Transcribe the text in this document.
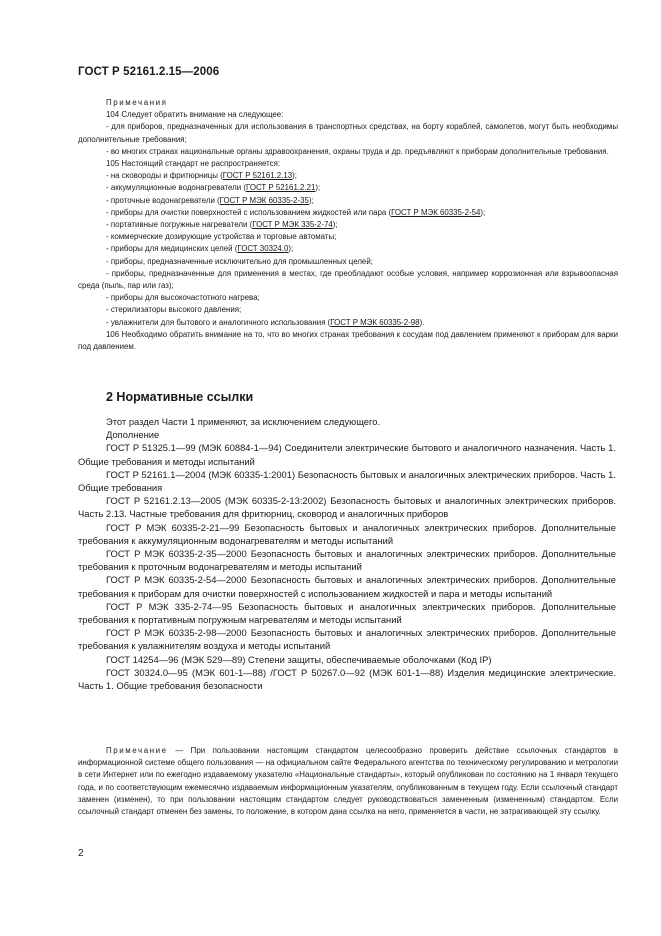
ГОСТ Р 52161.2.15—2006

Примечания

104 Следует обратить внимание на следующее:

- для приборов, предназначенных для использования в транспортных средствах, на борту кораблей, самолетов, могут быть необходимы дополнительные требования;

- во многих странах национальные органы здравоохранения, охраны труда и др. предъявляют к приборам дополнительные требования.

105 Настоящий стандарт не распространяется:

- на сковороды и фритюрницы (ГОСТ Р 52161.2.13);

- аккумуляционные водонагреватели (ГОСТ Р 52161.2.21);

- проточные водонагреватели (ГОСТ Р МЭК 60335-2-35);

- приборы для очистки поверхностей с использованием жидкостей или пара (ГОСТ Р МЭК 60335-2-54);

- портативные погружные нагреватели (ГОСТ Р МЭК 335-2-74);

- коммерческие дозирующие устройства и торговые автоматы;

- приборы для медицинских целей (ГОСТ 30324.0);

- приборы, предназначенные исключительно для промышленных целей;

- приборы, предназначенные для применения в местах, где преобладают особые условия, например коррозионная или взрывоопасная среда (пыль, пар или газ);

- приборы для высокочастотного нагрева;

- стерилизаторы высокого давления;

- увлажнители для бытового и аналогичного использования (ГОСТ Р МЭК 60335-2-98).

106 Необходимо обратить внимание на то, что во многих странах требования к сосудам под давлением применяют к приборам для варки под давлением.

2 Нормативные ссылки

Этот раздел Части 1 применяют, за исключением следующего.

Дополнение

ГОСТ Р 51325.1—99 (МЭК 60884-1—94) Соединители электрические бытового и аналогичного назначения. Часть 1. Общие требования и методы испытаний

ГОСТ Р 52161.1—2004 (МЭК 60335-1:2001) Безопасность бытовых и аналогичных электрических приборов. Часть 1. Общие требования

ГОСТ Р 52161.2.13—2005 (МЭК 60335-2-13:2002) Безопасность бытовых и аналогичных электрических приборов. Часть 2.13. Частные требования для фритюрниц, сковород и аналогичных приборов

ГОСТ Р МЭК 60335-2-21—99 Безопасность бытовых и аналогичных электрических приборов. Дополнительные требования к аккумуляционным водонагревателям и методы испытаний

ГОСТ Р МЭК 60335-2-35—2000 Безопасность бытовых и аналогичных электрических приборов. Дополнительные требования к проточным водонагревателям и методы испытаний

ГОСТ Р МЭК 60335-2-54—2000 Безопасность бытовых и аналогичных электрических приборов. Дополнительные требования к приборам для очистки поверхностей с использованием жидкостей и пара и методы испытаний

ГОСТ Р МЭК 335-2-74—95 Безопасность бытовых и аналогичных электрических приборов. Дополнительные требования к портативным погружным нагревателям и методы испытаний

ГОСТ Р МЭК 60335-2-98—2000 Безопасность бытовых и аналогичных электрических приборов. Дополнительные требования к увлажнителям воздуха и методы испытаний

ГОСТ 14254—96 (МЭК 529—89) Степени защиты, обеспечиваемые оболочками (Код IP)

ГОСТ 30324.0—95 (МЭК 601-1—88) /ГОСТ Р 50267.0—92 (МЭК 601-1—88) Изделия медицинские электрические. Часть 1. Общие требования безопасности

Примечание — При пользовании настоящим стандартом целесообразно проверить действие ссылочных стандартов в информационной системе общего пользования — на официальном сайте Федерального агентства по техническому регулированию и метрологии в сети Интернет или по ежегодно издаваемому указателю «Национальные стандарты», который опубликован по состоянию на 1 января текущего года, и по соответствующим ежемесячно издаваемым информационным указателям, опубликованным в текущем году. Если ссылочный стандарт заменен (изменен), то при пользовании настоящим стандартом следует руководствоваться замененным (измененным) стандартом. Если ссылочный стандарт отменен без замены, то положение, в котором дана ссылка на него, применяется в части, не затрагивающей эту ссылку.

2
